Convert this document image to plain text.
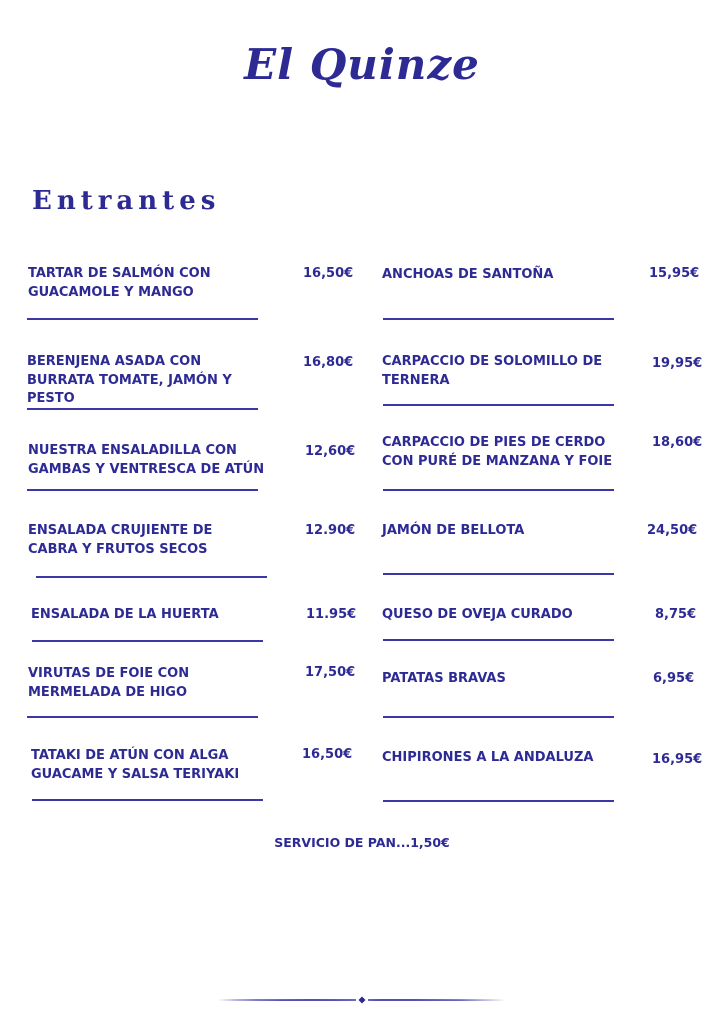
El Quinze
Entrantes
TARTAR DE SALMÓN CON
GUACAMOLE Y MANGO
16,50€
BERENJENA ASADA CON
BURRATA TOMATE, JAMÓN Y
PESTO
16,80€
NUESTRA ENSALADILLA CON
GAMBAS Y VENTRESCA DE ATÚN
12,60€
ENSALADA CRUJIENTE DE
CABRA Y FRUTOS SECOS
12.90€
ENSALADA DE LA HUERTA	11.95€
VIRUTAS DE FOIE CON
MERMELADA DE HIGO
17,50€
TATAKI DE ATÚN CON ALGA
GUACAME Y SALSA TERIYAKI
16,50€
ANCHOAS DE SANTOÑA	15,95€
CARPACCIO DE SOLOMILLO DE
TERNERA
19,95€
CARPACCIO DE PIES DE CERDO
CON PURÉ DE MANZANA Y FOIE
18,60€
JAMÓN DE BELLOTA	24,50€
QUESO DE OVEJA CURADO	8,75€
PATATAS BRAVAS	6,95€
CHIPIRONES A LA ANDALUZA	16,95€
SERVICIO DE PAN...1,50€
